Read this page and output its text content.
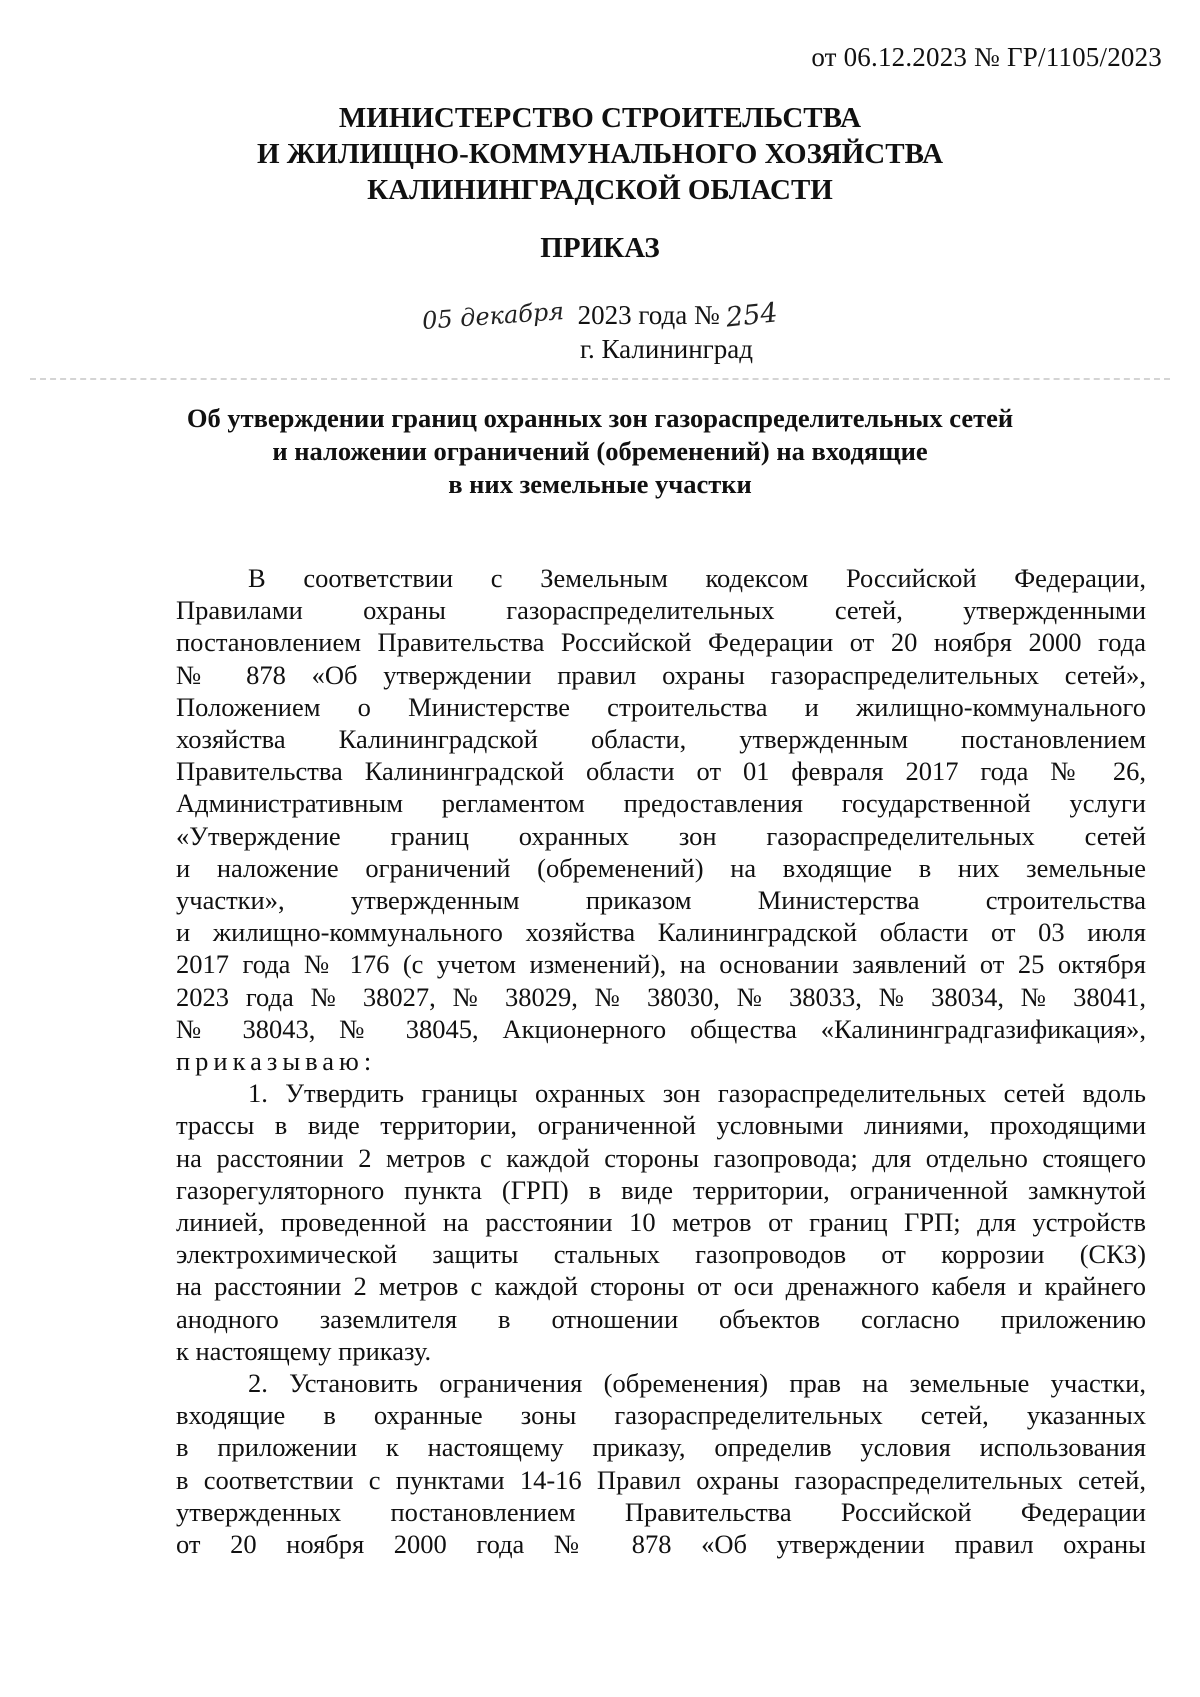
от 06.12.2023 № ГР/1105/2023
МИНИСТЕРСТВО СТРОИТЕЛЬСТВА
И ЖИЛИЩНО-КОММУНАЛЬНОГО ХОЗЯЙСТВА
КАЛИНИНГРАДСКОЙ ОБЛАСТИ
ПРИКАЗ
05 декабря 2023 года № 254
г. Калининград
Об утверждении границ охранных зон газораспределительных сетей
и наложении ограничений (обременений) на входящие
в них земельные участки
В соответствии с Земельным кодексом Российской Федерации,
Правилами охраны газораспределительных сетей, утвержденными
постановлением Правительства Российской Федерации от 20 ноября 2000 года
№ 878 «Об утверждении правил охраны газораспределительных сетей»,
Положением о Министерстве строительства и жилищно-коммунального
хозяйства Калининградской области, утвержденным постановлением
Правительства Калининградской области от 01 февраля 2017 года № 26,
Административным регламентом предоставления государственной услуги
«Утверждение границ охранных зон газораспределительных сетей
и наложение ограничений (обременений) на входящие в них земельные
участки», утвержденным приказом Министерства строительства
и жилищно-коммунального хозяйства Калининградской области от 03 июля
2017 года № 176 (с учетом изменений), на основании заявлений от 25 октября
2023 года № 38027, № 38029, № 38030, № 38033, № 38034, № 38041,
№ 38043, № 38045, Акционерного общества «Калининградгазификация»,
приказываю:
1. Утвердить границы охранных зон газораспределительных сетей вдоль
трассы в виде территории, ограниченной условными линиями, проходящими
на расстоянии 2 метров с каждой стороны газопровода; для отдельно стоящего
газорегуляторного пункта (ГРП) в виде территории, ограниченной замкнутой
линией, проведенной на расстоянии 10 метров от границ ГРП; для устройств
электрохимической защиты стальных газопроводов от коррозии (СКЗ)
на расстоянии 2 метров с каждой стороны от оси дренажного кабеля и крайнего
анодного заземлителя в отношении объектов согласно приложению
к настоящему приказу.
2. Установить ограничения (обременения) прав на земельные участки,
входящие в охранные зоны газораспределительных сетей, указанных
в приложении к настоящему приказу, определив условия использования
в соответствии с пунктами 14-16 Правил охраны газораспределительных сетей,
утвержденных постановлением Правительства Российской Федерации
от 20 ноября 2000 года № 878 «Об утверждении правил охраны
